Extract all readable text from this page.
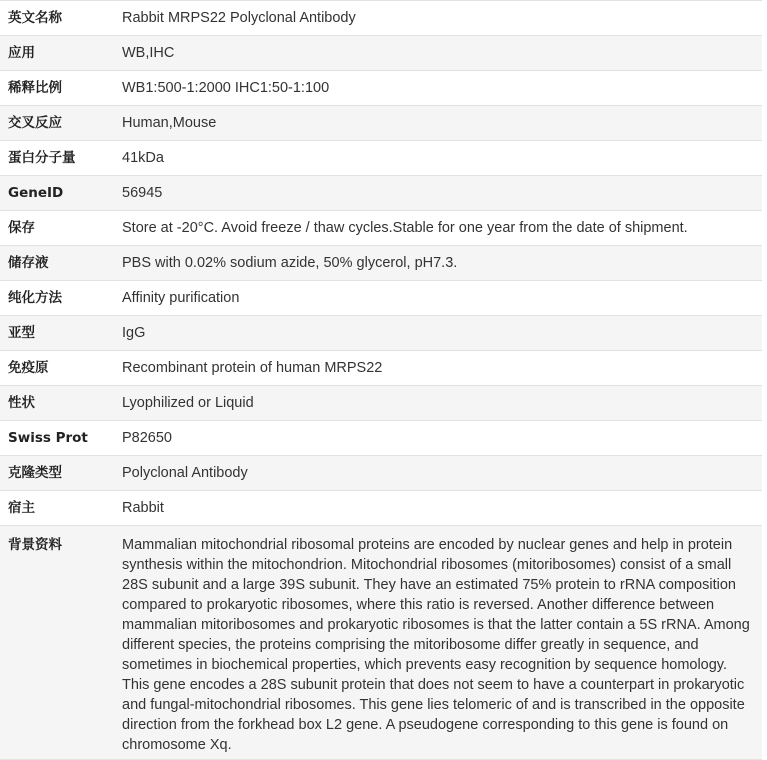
英文名称	Rabbit MRPS22 Polyclonal Antibody
应用	WB,IHC
稀释比例	WB1:500-1:2000 IHC1:50-1:100
交叉反应	Human,Mouse
蛋白分子量	41kDa
GeneID	56945
保存	Store at -20°C. Avoid freeze / thaw cycles.Stable for one year from the date of shipment.
储存液	PBS with 0.02% sodium azide, 50% glycerol, pH7.3.
纯化方法	Affinity purification
亚型	IgG
免疫原	Recombinant protein of human MRPS22
性状	Lyophilized or Liquid
Swiss Prot	P82650
克隆类型	Polyclonal Antibody
宿主	Rabbit
背景资料	Mammalian mitochondrial ribosomal proteins are encoded by nuclear genes and help in protein synthesis within the mitochondrion. Mitochondrial ribosomes (mitoribosomes) consist of a small 28S subunit and a large 39S subunit. They have an estimated 75% protein to rRNA composition compared to prokaryotic ribosomes, where this ratio is reversed. Another difference between mammalian mitoribosomes and prokaryotic ribosomes is that the latter contain a 5S rRNA. Among different species, the proteins comprising the mitoribosome differ greatly in sequence, and sometimes in biochemical properties, which prevents easy recognition by sequence homology. This gene encodes a 28S subunit protein that does not seem to have a counterpart in prokaryotic and fungal-mitochondrial ribosomes. This gene lies telomeric of and is transcribed in the opposite direction from the forkhead box L2 gene. A pseudogene corresponding to this gene is found on chromosome Xq.
